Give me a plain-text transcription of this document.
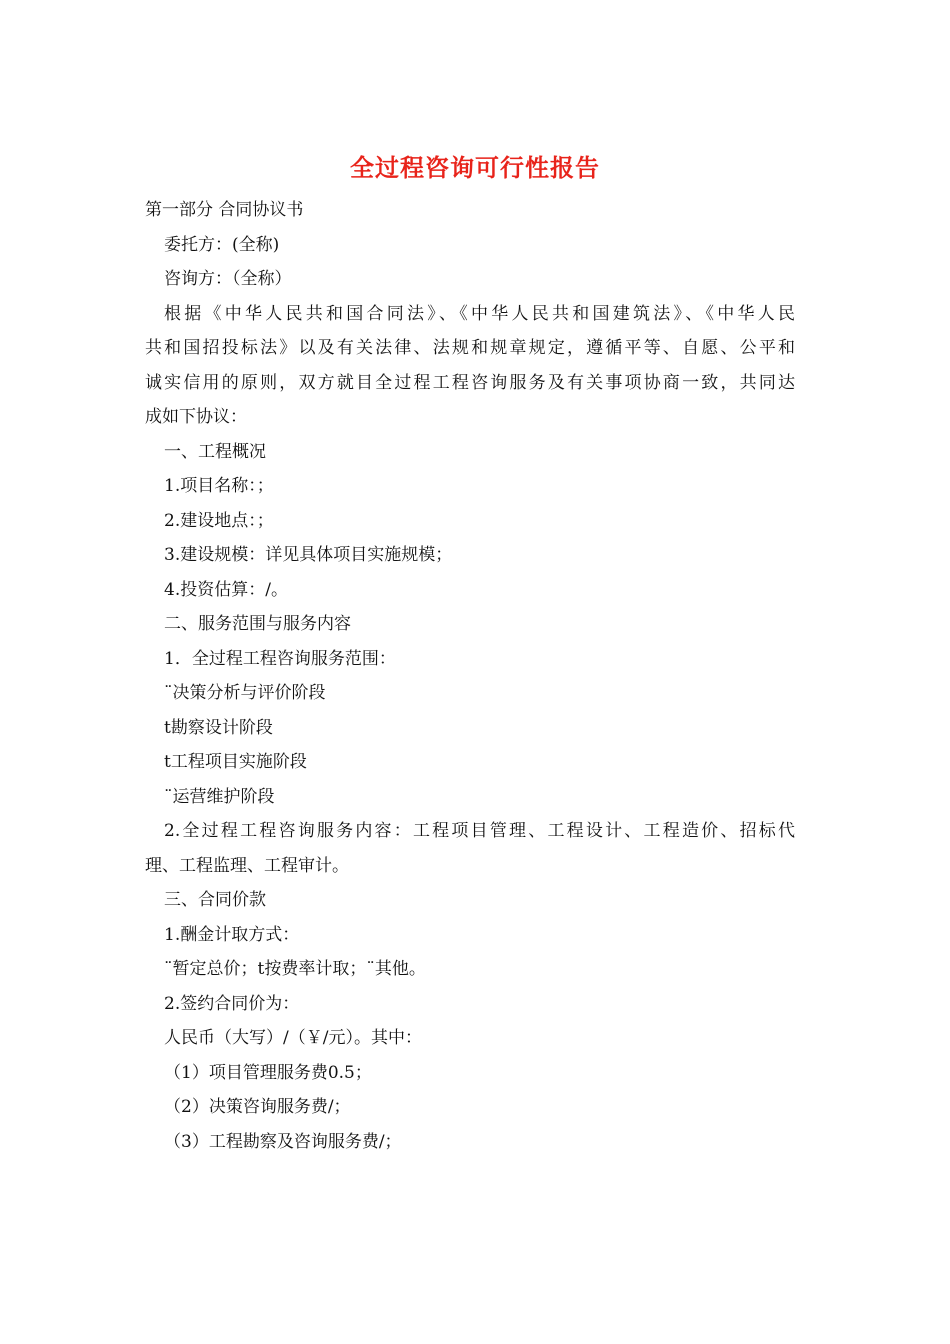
全过程咨询可行性报告
第一部分 合同协议书
委托方：(全称)
咨询方：（全称）
根据《中华人民共和国合同法》、《中华人民共和国建筑法》、《中华人民
共和国招投标法》以及有关法律、法规和规章规定，遵循平等、自愿、公平和
诚实信用的原则，双方就目全过程工程咨询服务及有关事项协商一致，共同达
成如下协议：
一、工程概况
1.项目名称：；
2.建设地点：；
3.建设规模：详见具体项目实施规模；
4.投资估算：/。
二、服务范围与服务内容
1．全过程工程咨询服务范围：
¨决策分析与评价阶段
t勘察设计阶段
t工程项目实施阶段
¨运营维护阶段
2.全过程工程咨询服务内容：工程项目管理、工程设计、工程造价、招标代
理、工程监理、工程审计。
三、合同价款
1.酬金计取方式：
¨暂定总价；t按费率计取；¨其他。
2.签约合同价为：
人民币（大写）/（￥/元）。其中：
（1）项目管理服务费0.5；
（2）决策咨询服务费/；
（3）工程勘察及咨询服务费/；
